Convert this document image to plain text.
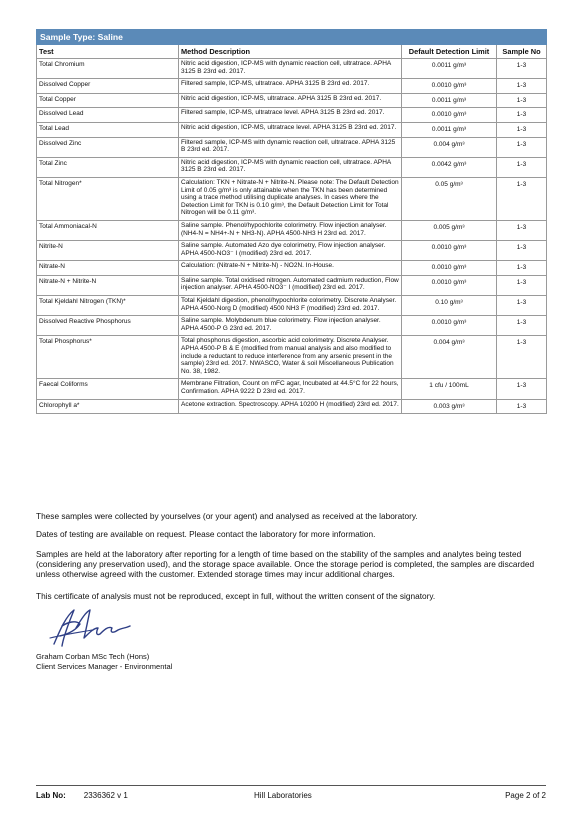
Sample Type: Saline			
Test	Method Description	Default Detection Limit	Sample No
Total Chromium	Nitric acid digestion, ICP-MS with dynamic reaction cell, ultratrace. APHA 3125 B 23rd ed. 2017.	0.0011 g/m³	1-3
Dissolved Copper	Filtered sample, ICP-MS, ultratrace. APHA 3125 B 23rd ed. 2017.	0.0010 g/m³	1-3
Total Copper	Nitric acid digestion, ICP-MS, ultratrace. APHA 3125 B 23rd ed. 2017.	0.0011 g/m³	1-3
Dissolved Lead	Filtered sample, ICP-MS, ultratrace level. APHA 3125 B 23rd ed. 2017.	0.0010 g/m³	1-3
Total Lead	Nitric acid digestion, ICP-MS, ultratrace level. APHA 3125 B 23rd ed. 2017.	0.0011 g/m³	1-3
Dissolved Zinc	Filtered sample, ICP-MS with dynamic reaction cell, ultratrace. APHA 3125 B 23rd ed. 2017.	0.004 g/m³	1-3
Total Zinc	Nitric acid digestion, ICP-MS with dynamic reaction cell, ultratrace. APHA 3125 B 23rd ed. 2017.	0.0042 g/m³	1-3
Total Nitrogen*	Calculation: TKN + Nitrate-N + Nitrite-N. Please note: The Default Detection Limit of 0.05 g/m³ is only attainable when the TKN has been determined using a trace method utilising duplicate analyses. In cases where the Detection Limit for TKN is 0.10 g/m³, the Default Detection Limit for Total Nitrogen will be 0.11 g/m³.	0.05 g/m³	1-3
Total Ammoniacal-N	Saline sample. Phenol/hypochlorite colorimetry. Flow injection analyser. (NH4-N = NH4+-N + NH3-N). APHA 4500-NH3 H 23rd ed. 2017.	0.005 g/m³	1-3
Nitrite-N	Saline sample. Automated Azo dye colorimetry, Flow injection analyser. APHA 4500-NO3⁻ I (modified) 23rd ed. 2017.	0.0010 g/m³	1-3
Nitrate-N	Calculation: (Nitrate-N + Nitrite-N) - NO2N. In-House.	0.0010 g/m³	1-3
Nitrate-N + Nitrite-N	Saline sample. Total oxidised nitrogen. Automated cadmium reduction, Flow injection analyser. APHA 4500-NO3⁻ I (modified) 23rd ed. 2017.	0.0010 g/m³	1-3
Total Kjeldahl Nitrogen (TKN)*	Total Kjeldahl digestion, phenol/hypochlorite colorimetry. Discrete Analyser. APHA 4500-Norg D (modified) 4500 NH3 F (modified) 23rd ed. 2017.	0.10 g/m³	1-3
Dissolved Reactive Phosphorus	Saline sample. Molybdenum blue colorimetry. Flow injection analyser. APHA 4500-P G 23rd ed. 2017.	0.0010 g/m³	1-3
Total Phosphorus*	Total phosphorus digestion, ascorbic acid colorimetry. Discrete Analyser. APHA 4500-P B & E (modified from manual analysis and also modified to include a reductant to reduce interference from any arsenic present in the sample) 23rd ed. 2017. NWASCO, Water & soil Miscellaneous Publication No. 38, 1982.	0.004 g/m³	1-3
Faecal Coliforms	Membrane Filtration, Count on mFC agar, Incubated at 44.5°C for 22 hours, Confirmation. APHA 9222 D 23rd ed. 2017.	1 cfu / 100mL	1-3
Chlorophyll a*	Acetone extraction. Spectroscopy. APHA 10200 H (modified) 23rd ed. 2017.	0.003 g/m³	1-3

These samples were collected by yourselves (or your agent) and analysed as received at the laboratory.

Dates of testing are available on request. Please contact the laboratory for more information.

Samples are held at the laboratory after reporting for a length of time based on the stability of the samples and analytes being tested (considering any preservation used), and the storage space available. Once the storage period is completed, the samples are discarded unless otherwise agreed with the customer. Extended storage times may incur additional charges.

This certificate of analysis must not be reproduced, except in full, without the written consent of the signatory.

Graham Corban MSc Tech (Hons)
Client Services Manager - Environmental
Lab No: 2336362 v 1	Hill Laboratories	Page 2 of 2
